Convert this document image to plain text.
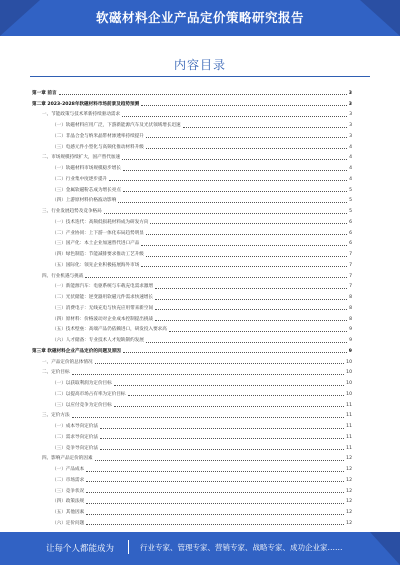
软磁材料企业产品定价策略研究报告
内容目录
第一章 前言	3
第二章 2023-2028年软磁材料市场前景及趋势预测	3
一、节能政策与技术革新持续驱动需求	3
（一）软磁材料应用广泛，下游新能源汽车及光伏领域增长迅速	3
（二）非晶合金与纳米晶带材渗透率持续提升	3
（三）电感元件小型化与高频化推动材料升级	4
二、市场规模持续扩大，国产替代加速	4
（一）软磁材料市场规模稳步增长	4
（二）行业集中度逐步提升	4
（三）金属软磁粉芯成为增长亮点	5
（四）上游原材料价格波动影响	5
三、行业发展趋势及竞争格局	5
（一）技术迭代：高频低损耗材料成为研发方向	6
（二）产业协同：上下游一体化布局趋势明显	6
（三）国产化：本土企业加速替代进口产品	6
（四）绿色制造：节能减排要求推动工艺升级	7
（五）国际化：领先企业积极拓展海外市场	7
四、行业机遇与挑战	7
（一）新能源汽车：电驱系统与车载充电需求激增	7
（二）光伏储能：逆变器用软磁元件需求快速增长	8
（三）消费电子：无线充电与快充应用带来新空间	8
（四）原材料：价格波动对企业成本控制提出挑战	8
（五）技术壁垒：高端产品仍依赖进口，研发投入要求高	9
（六）人才储备：专业技术人才短缺制约发展	9
第三章 软磁材料企业产品定价的问题及原因	9
一、产品定价的总体情况	10
二、定价目标	10
（一）以获取利润为定价目标	10
（二）以提高市场占有率为定价目标	10
（三）以应付竞争为定价目标	11
三、定价方法	11
（一）成本导向定价法	11
（二）需求导向定价法	11
（三）竞争导向定价法	11
四、影响产品定价的因素	12
（一）产品成本	12
（二）市场需求	12
（三）竞争状况	12
（四）政策法规	12
（五）其他因素	12
（六）定价问题	12
让每个人都能成为	行业专家、管理专家、营销专家、战略专家、成功企业家……
